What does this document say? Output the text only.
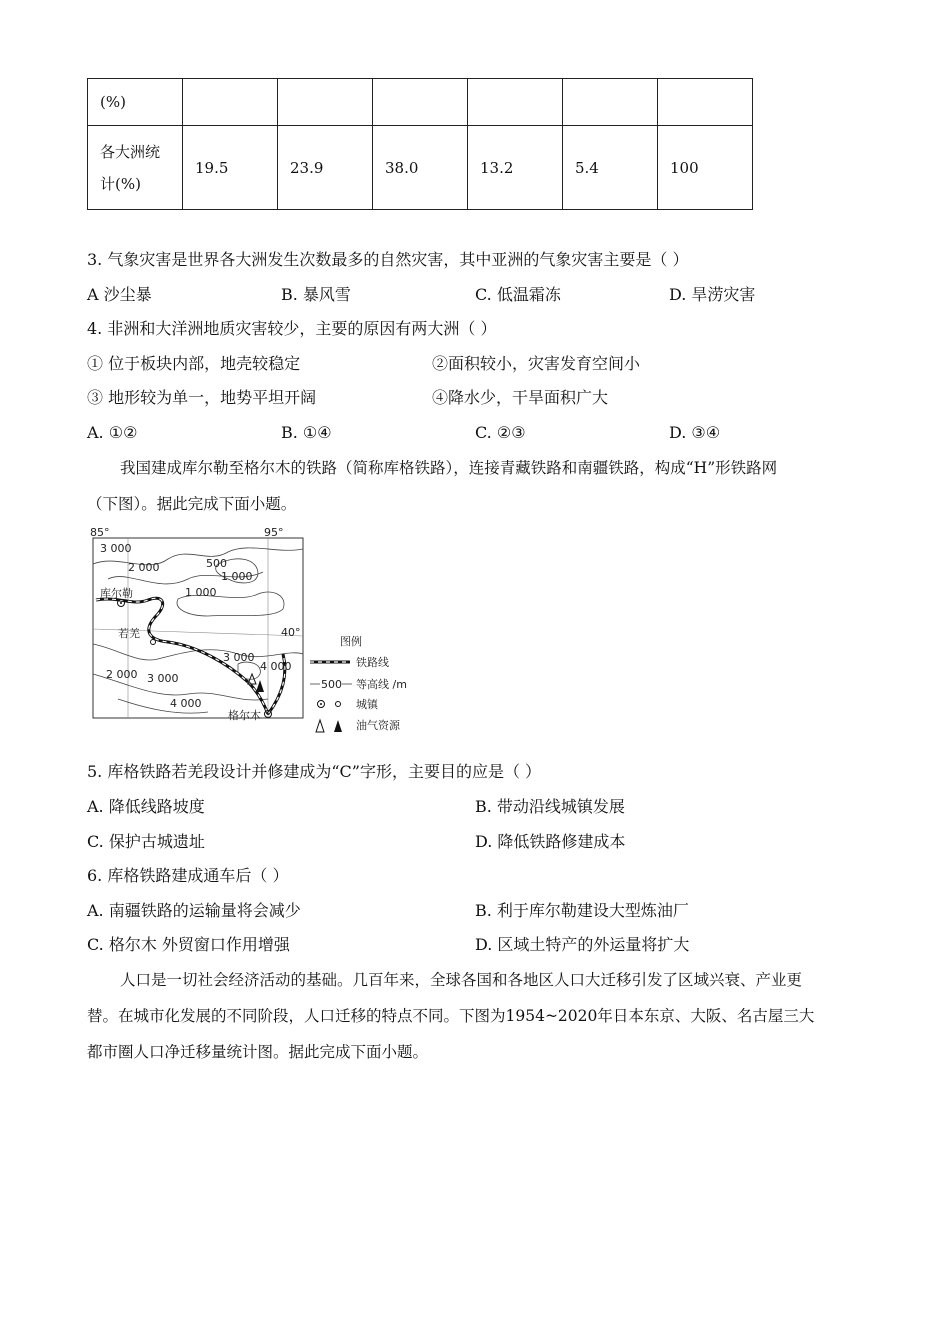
(%)						

各大洲统
计(%)	19.5	23.9	38.0	13.2	5.4	100
3. 气象灾害是世界各大洲发生次数最多的自然灾害，其中亚洲的气象灾害主要是（ ）
A 沙尘暴	B. 暴风雪	C. 低温霜冻	D. 旱涝灾害
4. 非洲和大洋洲地质灾害较少，主要的原因有两大洲（ ）
① 位于板块内部，地壳较稳定	②面积较小，灾害发育空间小
③ 地形较为单一，地势平坦开阔	④降水少，干旱面积广大
A. ①②	B. ①④	C. ②③	D. ③④
我国建成库尔勒至格尔木的铁路（简称库格铁路），连接青藏铁路和南疆铁路，构成“H”形铁路网
（下图）。据此完成下面小题。
85°	95°
40°
3 000
500
2 000
1 000
1 000
3 000
4 000
2 000 3 000
4 000
库尔勒
若羌
格尔木
图例
铁路线
500 等高线 /m
城镇
油气资源
5. 库格铁路若羌段设计并修建成为“C”字形，主要目的应是（ ）
A. 降低线路坡度	B. 带动沿线城镇发展
C. 保护古城遗址	D. 降低铁路修建成本
6. 库格铁路建成通车后（ ）
A. 南疆铁路的运输量将会减少	B. 利于库尔勒建设大型炼油厂
C. 格尔木 外贸窗口作用增强	D. 区域土特产的外运量将扩大
人口是一切社会经济活动的基础。几百年来，全球各国和各地区人口大迁移引发了区域兴衰、产业更
替。在城市化发展的不同阶段，人口迁移的特点不同。下图为1954~2020年日本东京、大阪、名古屋三大
都市圈人口净迁移量统计图。据此完成下面小题。
